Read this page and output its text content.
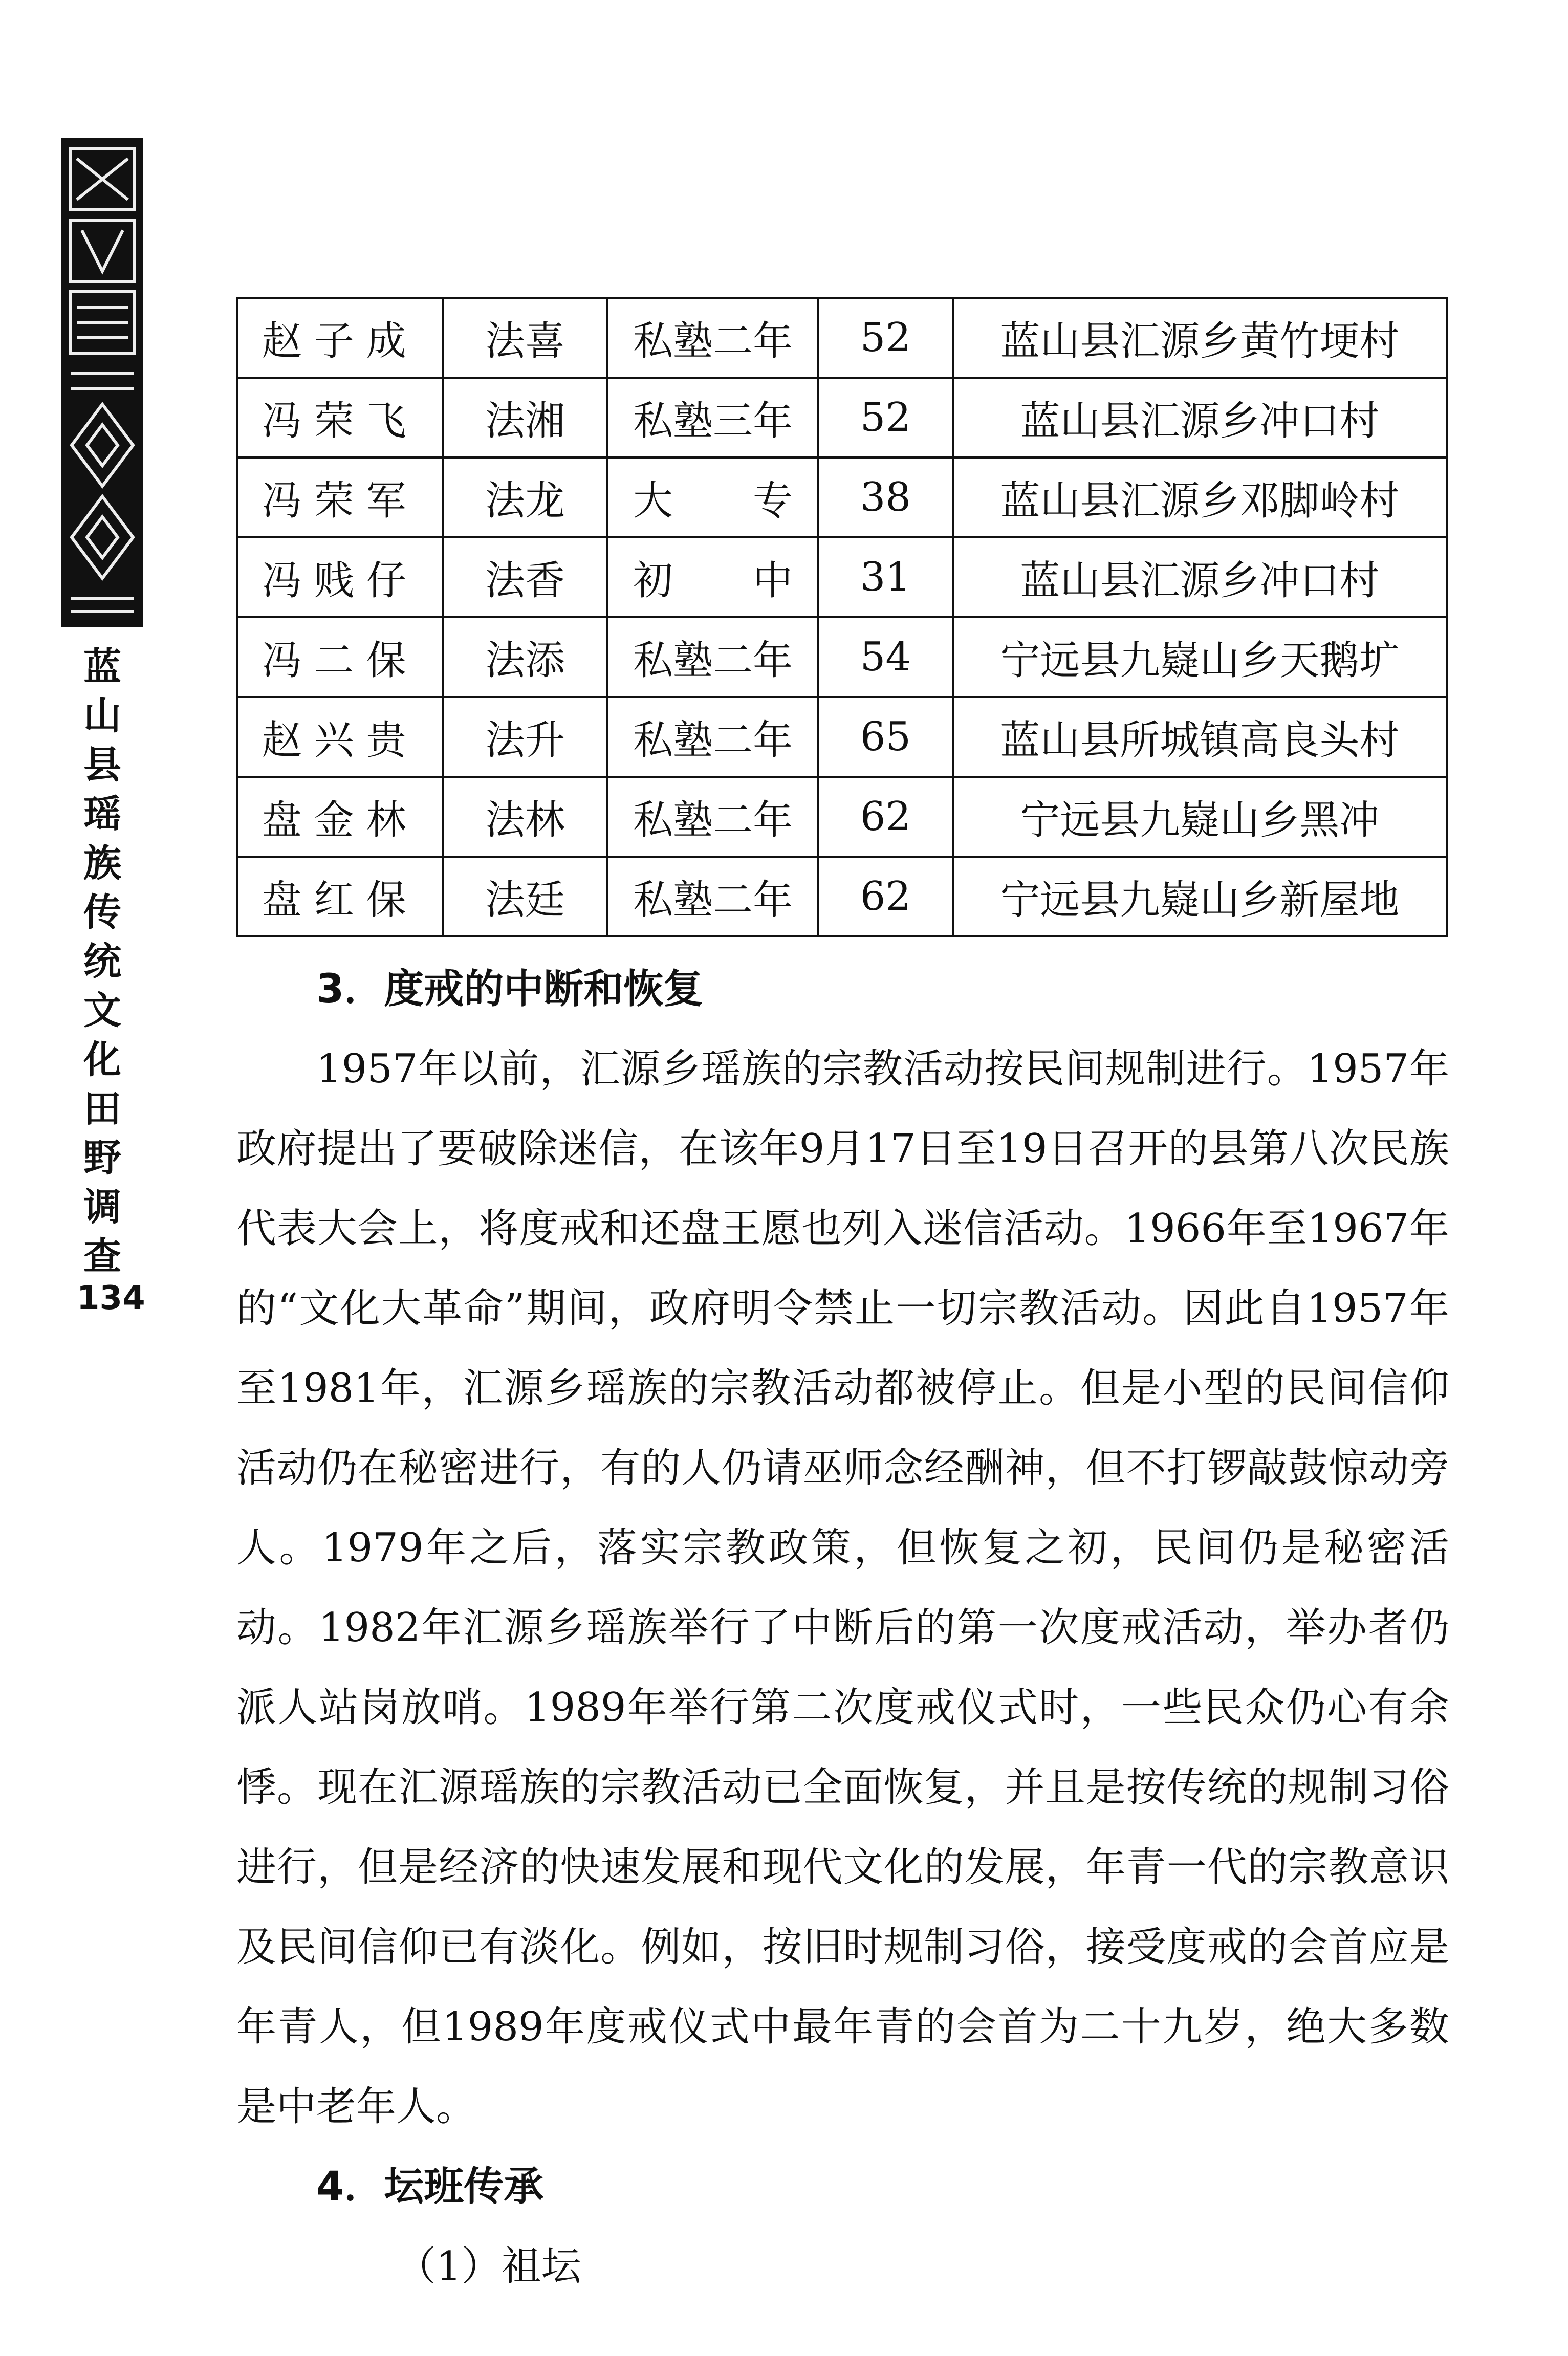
蓝
山
县
瑶
族
传
统
文
化
田
野
调
查
134
赵子成	法喜	私塾二年	52	蓝山县汇源乡黄竹埂村
冯荣飞	法湘	私塾三年	52	蓝山县汇源乡冲口村
冯荣军	法龙	大　　专	38	蓝山县汇源乡邓脚岭村
冯贱仔	法香	初　　中	31	蓝山县汇源乡冲口村
冯二保	法添	私塾二年	54	宁远县九嶷山乡天鹅圹
赵兴贵	法升	私塾二年	65	蓝山县所城镇高良头村
盘金林	法林	私塾二年	62	宁远县九嶷山乡黑冲
盘红保	法廷	私塾二年	62	宁远县九嶷山乡新屋地
3．度戒的中断和恢复

1957年以前，汇源乡瑶族的宗教活动按民间规制进行。1957年政府提出了要破除迷信，在该年9月17日至19日召开的县第八次民族代表大会上，将度戒和还盘王愿也列入迷信活动。1966年至1967年的“文化大革命”期间，政府明令禁止一切宗教活动。因此自1957年至1981年，汇源乡瑶族的宗教活动都被停止。但是小型的民间信仰活动仍在秘密进行，有的人仍请巫师念经酬神，但不打锣敲鼓惊动旁人。1979年之后，落实宗教政策，但恢复之初，民间仍是秘密活动。1982年汇源乡瑶族举行了中断后的第一次度戒活动，举办者仍派人站岗放哨。1989年举行第二次度戒仪式时，一些民众仍心有余悸。现在汇源瑶族的宗教活动已全面恢复，并且是按传统的规制习俗进行，但是经济的快速发展和现代文化的发展，年青一代的宗教意识及民间信仰已有淡化。例如，按旧时规制习俗，接受度戒的会首应是年青人，但1989年度戒仪式中最年青的会首为二十九岁，绝大多数是中老年人。

4．坛班传承

（1）祖坛
